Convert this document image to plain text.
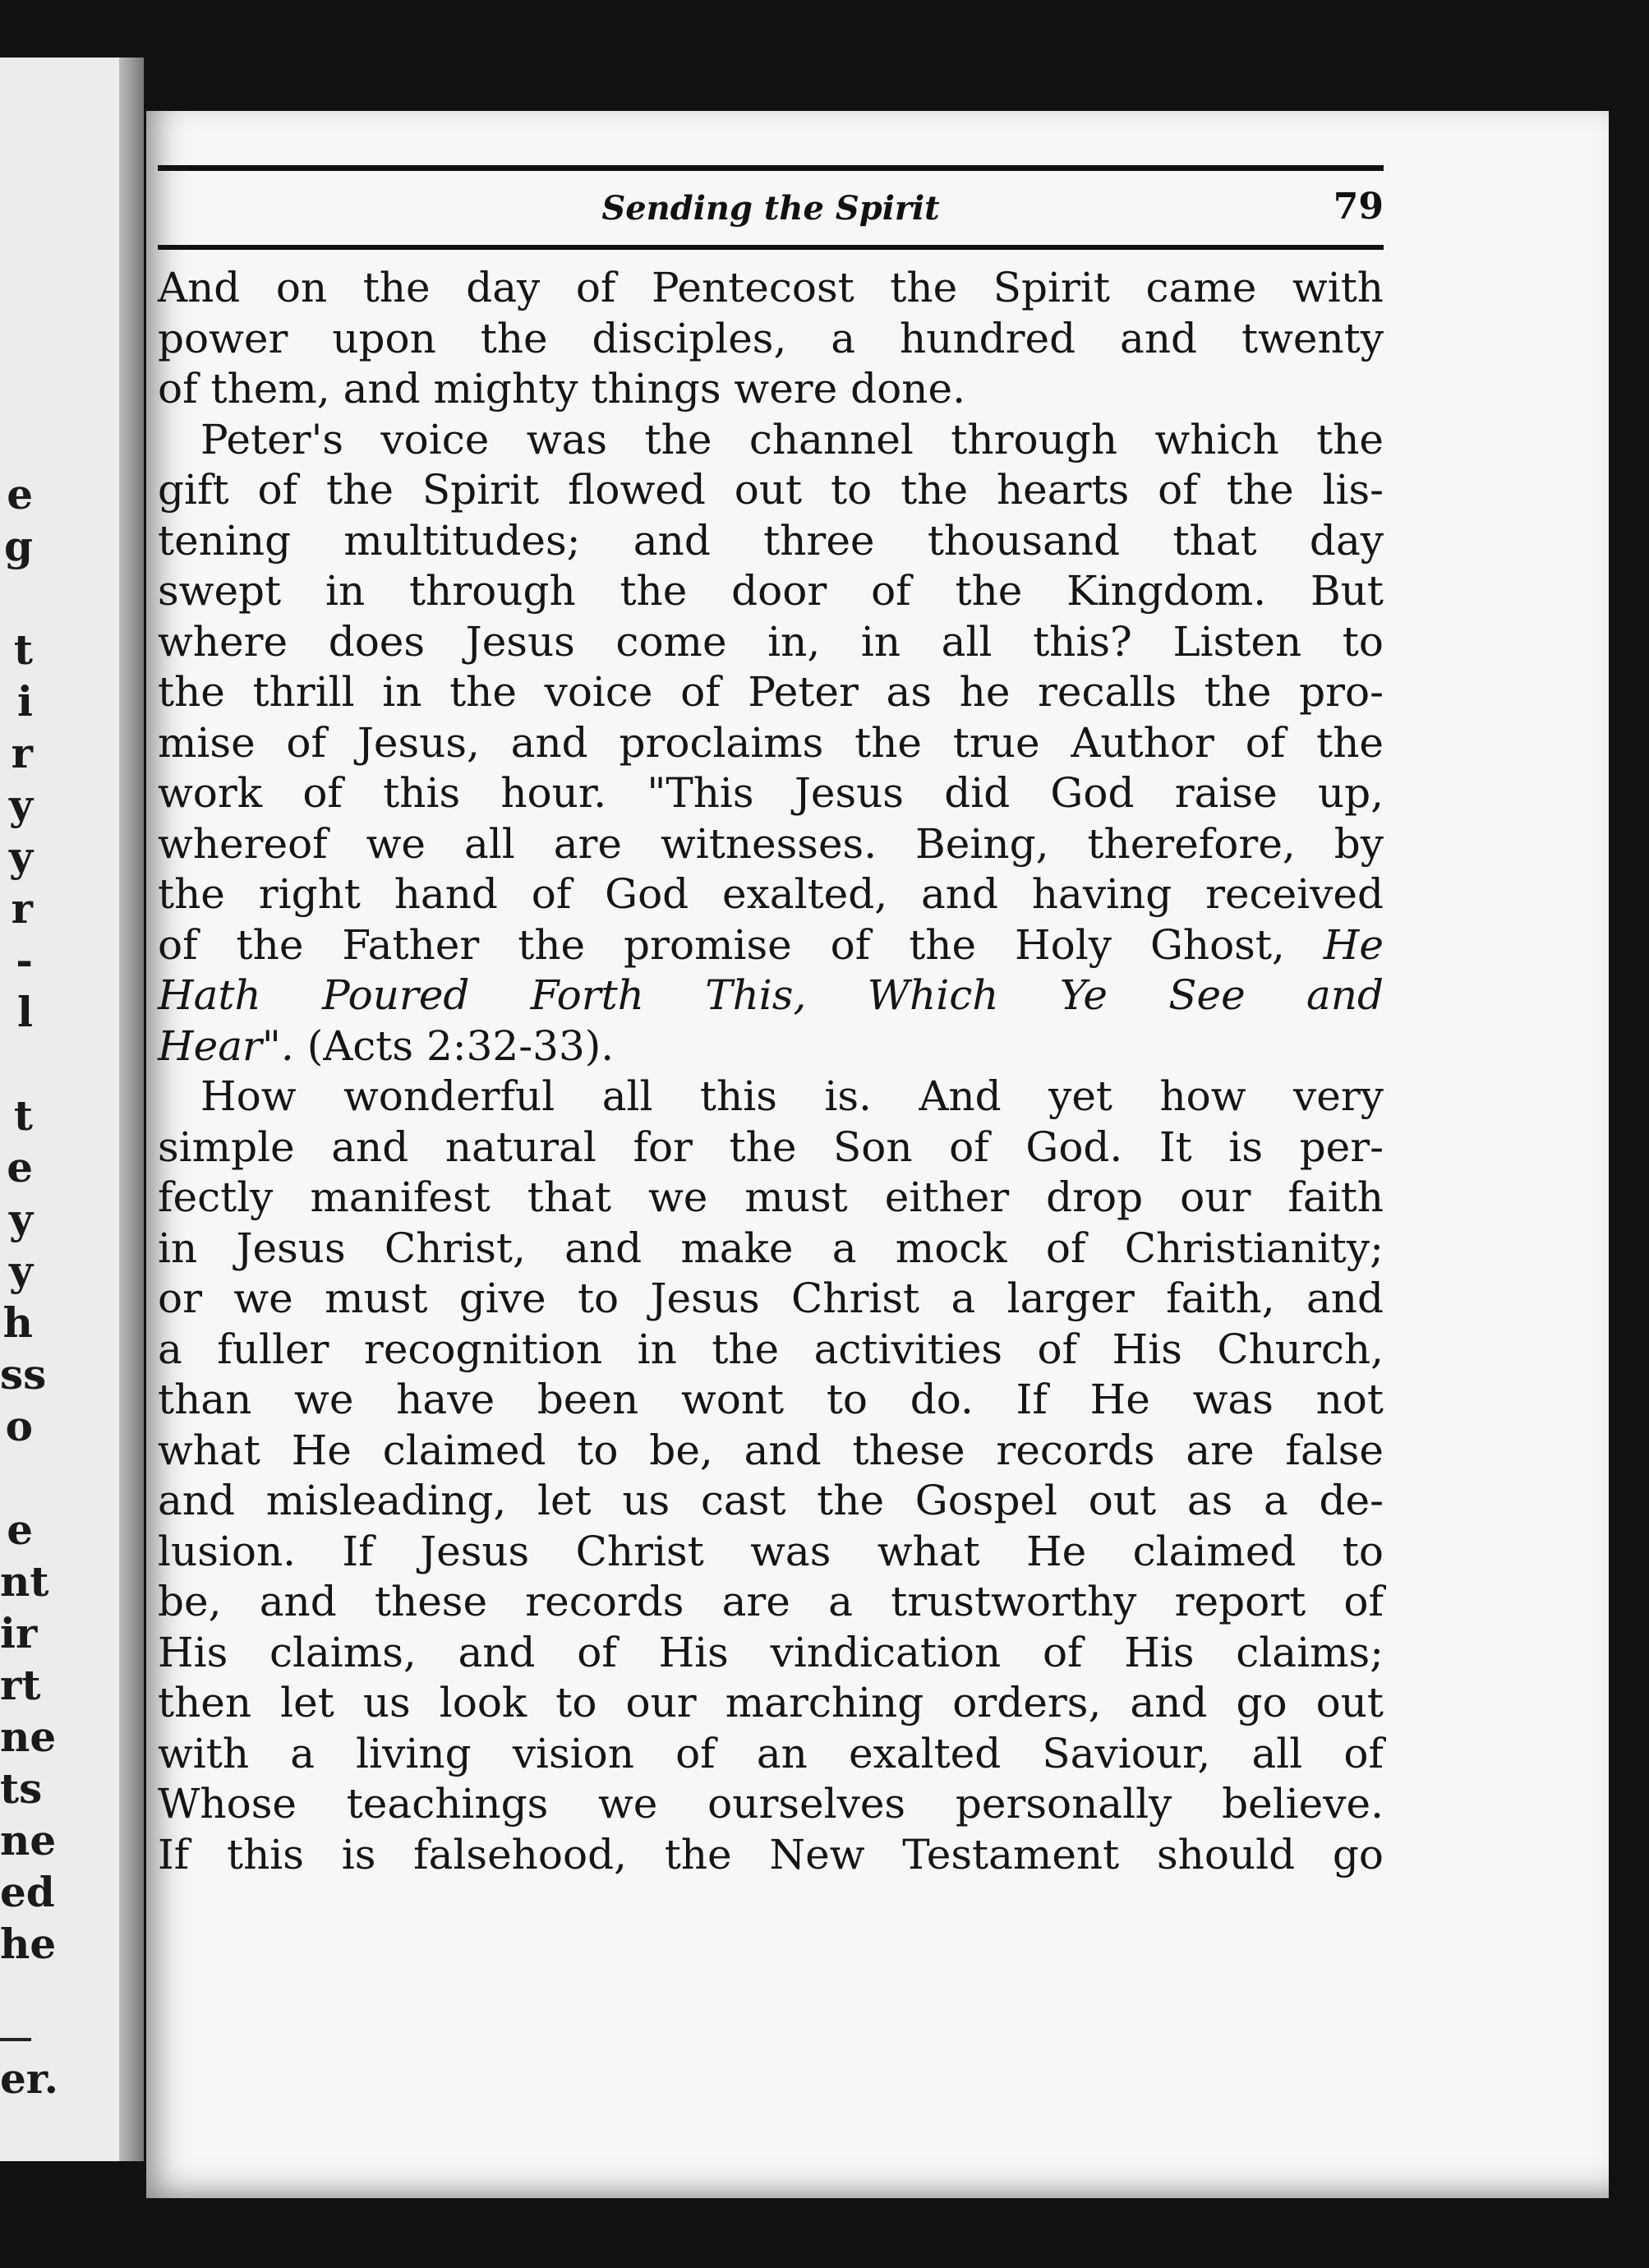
e
g
t
i
r
y
y
r
-
l
t
e
y
y
h
ss
o
e
nt
ir
rt
ne
ts
ne
ed
he
er.
Sending the Spirit	79
And on the day of Pentecost the Spirit came with
power upon the disciples, a hundred and twenty
of them, and mighty things were done.
Peter's voice was the channel through which the
gift of the Spirit flowed out to the hearts of the lis-
tening multitudes; and three thousand that day
swept in through the door of the Kingdom. But
where does Jesus come in, in all this? Listen to
the thrill in the voice of Peter as he recalls the pro-
mise of Jesus, and proclaims the true Author of the
work of this hour. "This Jesus did God raise up,
whereof we all are witnesses. Being, therefore, by
the right hand of God exalted, and having received
of the Father the promise of the Holy Ghost, He
Hath Poured Forth This, Which Ye See and
Hear". (Acts 2:32-33).
How wonderful all this is. And yet how very
simple and natural for the Son of God. It is per-
fectly manifest that we must either drop our faith
in Jesus Christ, and make a mock of Christianity;
or we must give to Jesus Christ a larger faith, and
a fuller recognition in the activities of His Church,
than we have been wont to do. If He was not
what He claimed to be, and these records are false
and misleading, let us cast the Gospel out as a de-
lusion. If Jesus Christ was what He claimed to
be, and these records are a trustworthy report of
His claims, and of His vindication of His claims;
then let us look to our marching orders, and go out
with a living vision of an exalted Saviour, all of
Whose teachings we ourselves personally believe.
If this is falsehood, the New Testament should go
